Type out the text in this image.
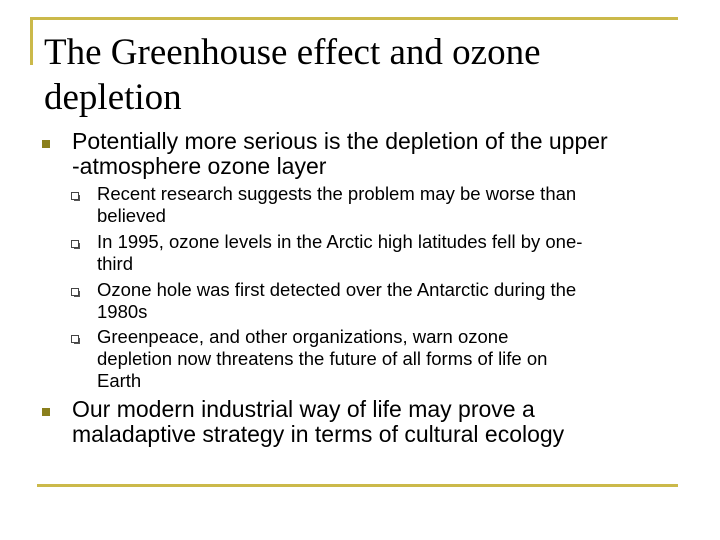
The Greenhouse effect and ozone
depletion
Potentially more serious is the depletion of the upper
-atmosphere ozone layer
Recent research suggests the problem may be worse than
believed
In 1995, ozone levels in the Arctic high latitudes fell by one-
third
Ozone hole was first detected over the Antarctic during the
1980s
Greenpeace, and other organizations, warn ozone
depletion now threatens the future of all forms of life on
Earth
Our modern industrial way of life may prove a
maladaptive strategy in terms of cultural ecology
